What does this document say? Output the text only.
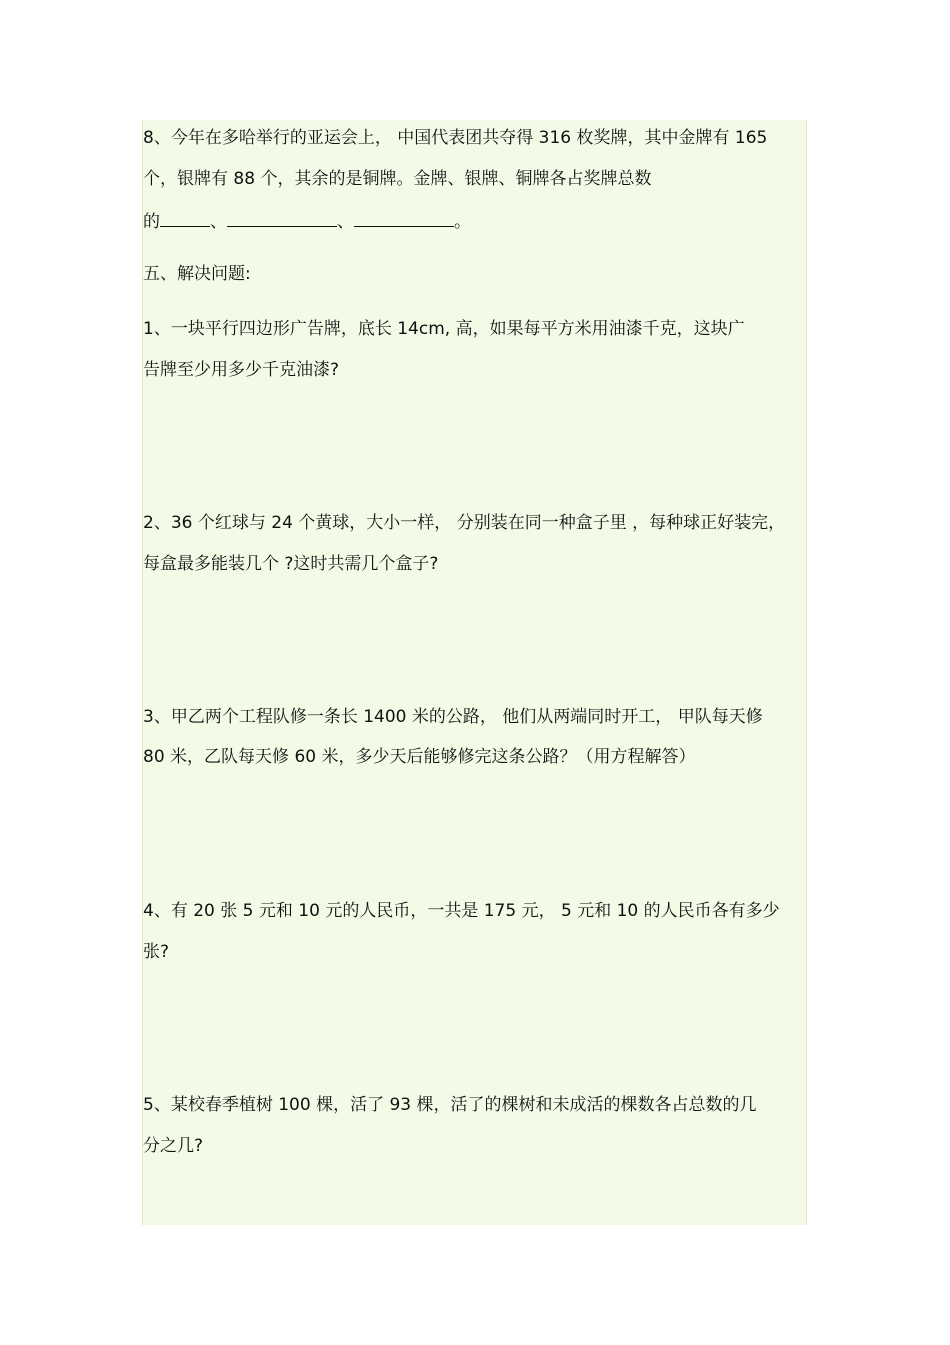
8、今年在多哈举行的亚运会上， 中国代表团共夺得 316 枚奖牌，其中金牌有 165
个，银牌有 88 个，其余的是铜牌。金牌、银牌、铜牌各占奖牌总数
的	、	、	。
五、解决问题:
1、一块平行四边形广告牌，底长 14cm, 高，如果每平方米用油漆千克，这块广
告牌至少用多少千克油漆?
2、36 个红球与 24 个黄球，大小一样， 分别装在同一种盒子里 ，每种球正好装完，
每盒最多能装几个 ?这时共需几个盒子?
3、甲乙两个工程队修一条长 1400 米的公路， 他们从两端同时开工， 甲队每天修
80 米，乙队每天修 60 米，多少天后能够修完这条公路？（用方程解答）
4、有 20 张 5 元和 10 元的人民币，一共是 175 元， 5 元和 10 的人民币各有多少
张?
5、某校春季植树 100 棵，活了 93 棵，活了的棵树和未成活的棵数各占总数的几
分之几?
